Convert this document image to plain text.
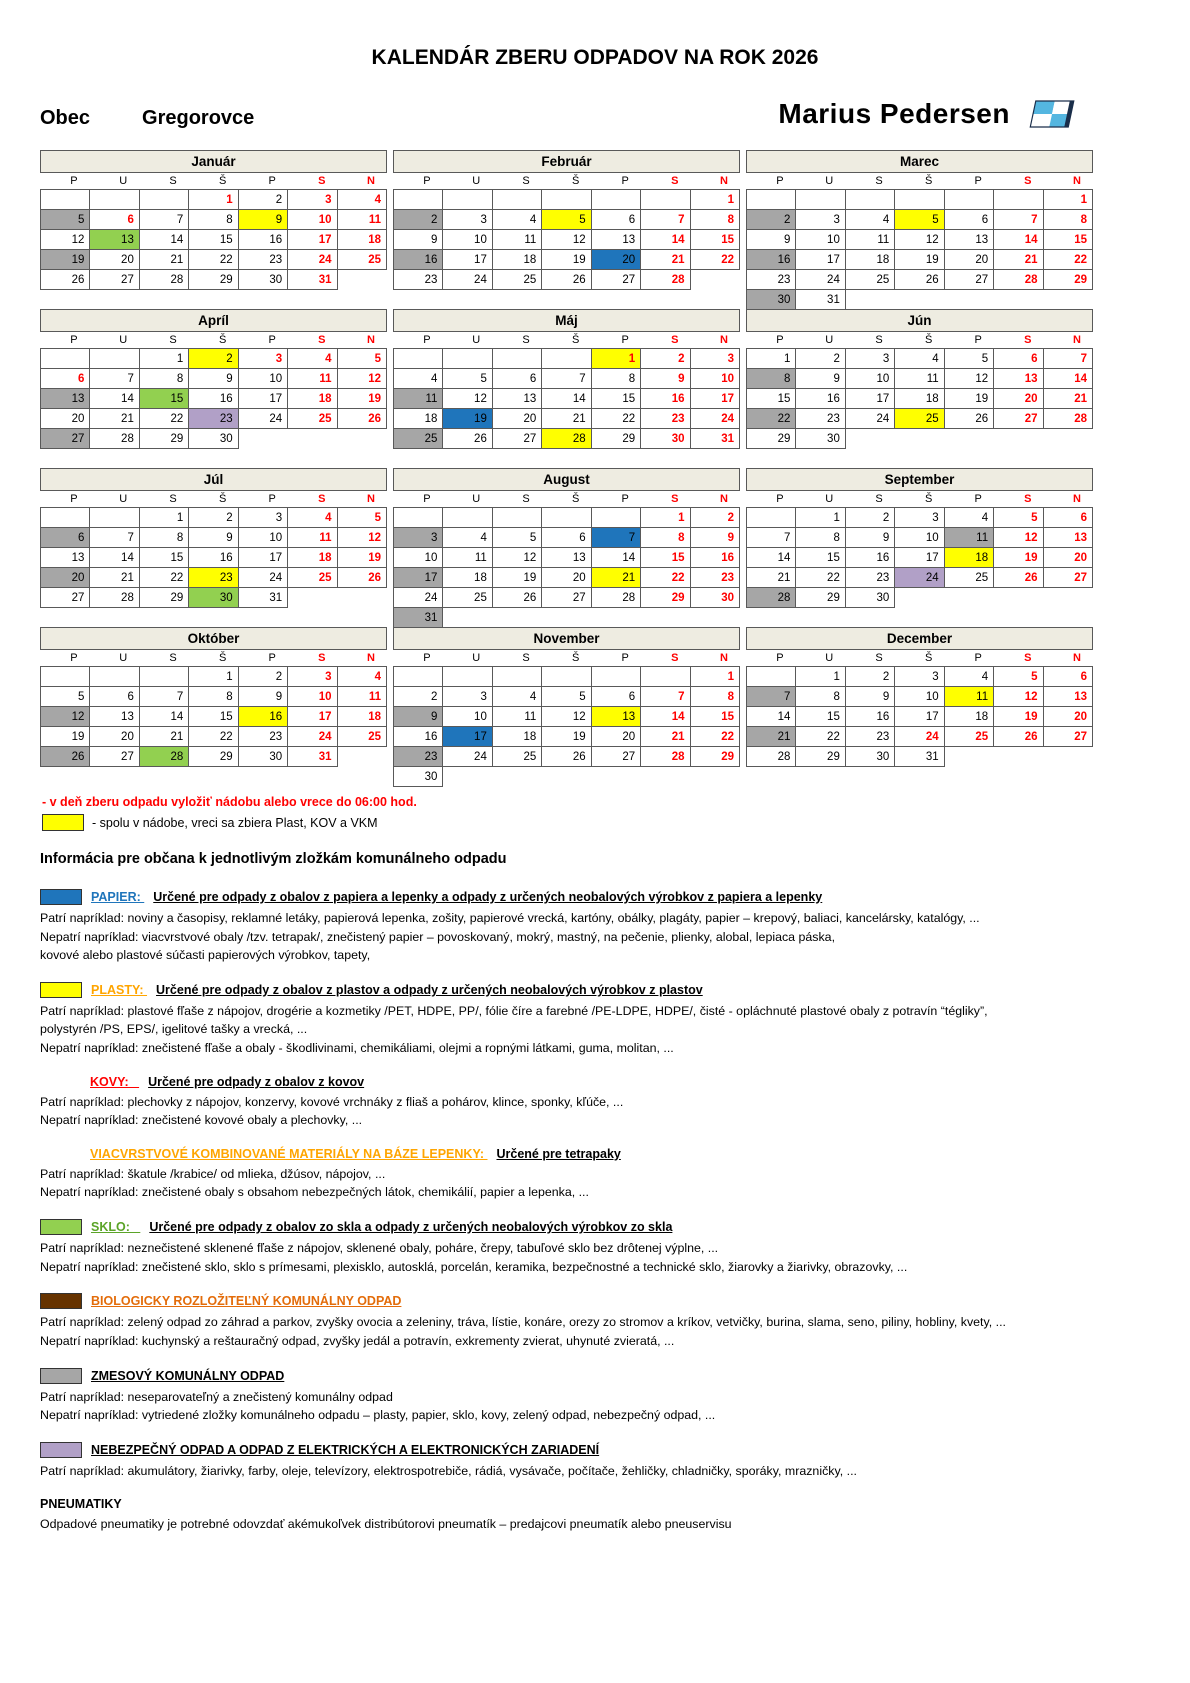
KALENDÁR ZBERU ODPADOV NA ROK 2026
Obec	Gregorovce	Marius Pedersen
Január
P	U	S	Š	P	S	N
			1	2	3	4
5	6	7	8	9	10	11
12	13	14	15	16	17	18
19	20	21	22	23	24	25
26	27	28	29	30	31	
Február
P	U	S	Š	P	S	N
						1
2	3	4	5	6	7	8
9	10	11	12	13	14	15
16	17	18	19	20	21	22
23	24	25	26	27	28	
Marec
P	U	S	Š	P	S	N
						1
2	3	4	5	6	7	8
9	10	11	12	13	14	15
16	17	18	19	20	21	22
23	24	25	26	27	28	29
30	31					
Apríl
P	U	S	Š	P	S	N
		1	2	3	4	5
6	7	8	9	10	11	12
13	14	15	16	17	18	19
20	21	22	23	24	25	26
27	28	29	30			
Máj
P	U	S	Š	P	S	N
				1	2	3
4	5	6	7	8	9	10
11	12	13	14	15	16	17
18	19	20	21	22	23	24
25	26	27	28	29	30	31
Jún
P	U	S	Š	P	S	N
1	2	3	4	5	6	7
8	9	10	11	12	13	14
15	16	17	18	19	20	21
22	23	24	25	26	27	28
29	30					
Júl
P	U	S	Š	P	S	N
		1	2	3	4	5
6	7	8	9	10	11	12
13	14	15	16	17	18	19
20	21	22	23	24	25	26
27	28	29	30	31		
August
P	U	S	Š	P	S	N
					1	2
3	4	5	6	7	8	9
10	11	12	13	14	15	16
17	18	19	20	21	22	23
24	25	26	27	28	29	30
31						
September
P	U	S	Š	P	S	N
	1	2	3	4	5	6
7	8	9	10	11	12	13
14	15	16	17	18	19	20
21	22	23	24	25	26	27
28	29	30				
Október
P	U	S	Š	P	S	N
			1	2	3	4
5	6	7	8	9	10	11
12	13	14	15	16	17	18
19	20	21	22	23	24	25
26	27	28	29	30	31	
November
P	U	S	Š	P	S	N
						1
2	3	4	5	6	7	8
9	10	11	12	13	14	15
16	17	18	19	20	21	22
23	24	25	26	27	28	29
30						
December
P	U	S	Š	P	S	N
	1	2	3	4	5	6
7	8	9	10	11	12	13
14	15	16	17	18	19	20
21	22	23	24	25	26	27
28	29	30	31			
- v deň zberu odpadu vyložiť nádobu alebo vrece do 06:00 hod.
- spolu v nádobe, vreci sa zbiera Plast, KOV a VKM
Informácia pre občana k jednotlivým zložkám komunálneho odpadu
PAPIER: Určené pre odpady z obalov z papiera a lepenky a odpady z určených neobalových výrobkov z papiera a lepenky
Patrí napríklad: noviny a časopisy, reklamné letáky, papierová lepenka, zošity, papierové vrecká, kartóny, obálky, plagáty, papier – krepový, baliaci, kancelársky, katalógy, ...
Nepatrí napríklad: viacvrstvové obaly /tzv. tetrapak/, znečistený papier – povoskovaný, mokrý, mastný, na pečenie, plienky, alobal, lepiaca páska,
kovové alebo plastové súčasti papierových výrobkov, tapety,
PLASTY: Určené pre odpady z obalov z plastov a odpady z určených neobalových výrobkov z plastov
Patrí napríklad: plastové fľaše z nápojov, drogérie a kozmetiky /PET, HDPE, PP/, fólie číre a farebné /PE-LDPE, HDPE/, čisté - opláchnuté plastové obaly z potravín “tégliky”,
polystyrén /PS, EPS/, igelitové tašky a vrecká, ...
Nepatrí napríklad: znečistené fľaše a obaly - škodlivinami, chemikáliami, olejmi a ropnými látkami, guma, molitan, ...
KOVY: Určené pre odpady z obalov z kovov
Patrí napríklad: plechovky z nápojov, konzervy, kovové vrchnáky z fliaš a pohárov, klince, sponky, kľúče, ...
Nepatrí napríklad: znečistené kovové obaly a plechovky, ...
VIACVRSTVOVÉ KOMBINOVANÉ MATERIÁLY NA BÁZE LEPENKY: Určené pre tetrapaky
Patrí napríklad: škatule /krabice/ od mlieka, džúsov, nápojov, ...
Nepatrí napríklad: znečistené obaly s obsahom nebezpečných látok, chemikálií, papier a lepenka, ...
SKLO: Určené pre odpady z obalov zo skla a odpady z určených neobalových výrobkov zo skla
Patrí napríklad: neznečistené sklenené fľaše z nápojov, sklenené obaly, poháre, črepy, tabuľové sklo bez drôtenej výplne, ...
Nepatrí napríklad: znečistené sklo, sklo s prímesami, plexisklo, autosklá, porcelán, keramika, bezpečnostné a technické sklo, žiarovky a žiarivky, obrazovky, ...
BIOLOGICKY ROZLOŽITEĽNÝ KOMUNÁLNY ODPAD
Patrí napríklad: zelený odpad zo záhrad a parkov, zvyšky ovocia a zeleniny, tráva, lístie, konáre, orezy zo stromov a kríkov, vetvičky, burina, slama, seno, piliny, hobliny, kvety, ...
Nepatrí napríklad: kuchynský a reštauračný odpad, zvyšky jedál a potravín, exkrementy zvierat, uhynuté zvieratá, ...
ZMESOVÝ KOMUNÁLNY ODPAD
Patrí napríklad: neseparovateľný a znečistený komunálny odpad
Nepatrí napríklad: vytriedené zložky komunálneho odpadu – plasty, papier, sklo, kovy, zelený odpad, nebezpečný odpad, ...
NEBEZPEČNÝ ODPAD A ODPAD Z ELEKTRICKÝCH A ELEKTRONICKÝCH ZARIADENÍ
Patrí napríklad: akumulátory, žiarivky, farby, oleje, televízory, elektrospotrebiče, rádiá, vysávače, počítače, žehličky, chladničky, sporáky, mrazničky, ...
PNEUMATIKY
Odpadové pneumatiky je potrebné odovzdať akémukoľvek distribútorovi pneumatík – predajcovi pneumatík alebo pneuservisu
